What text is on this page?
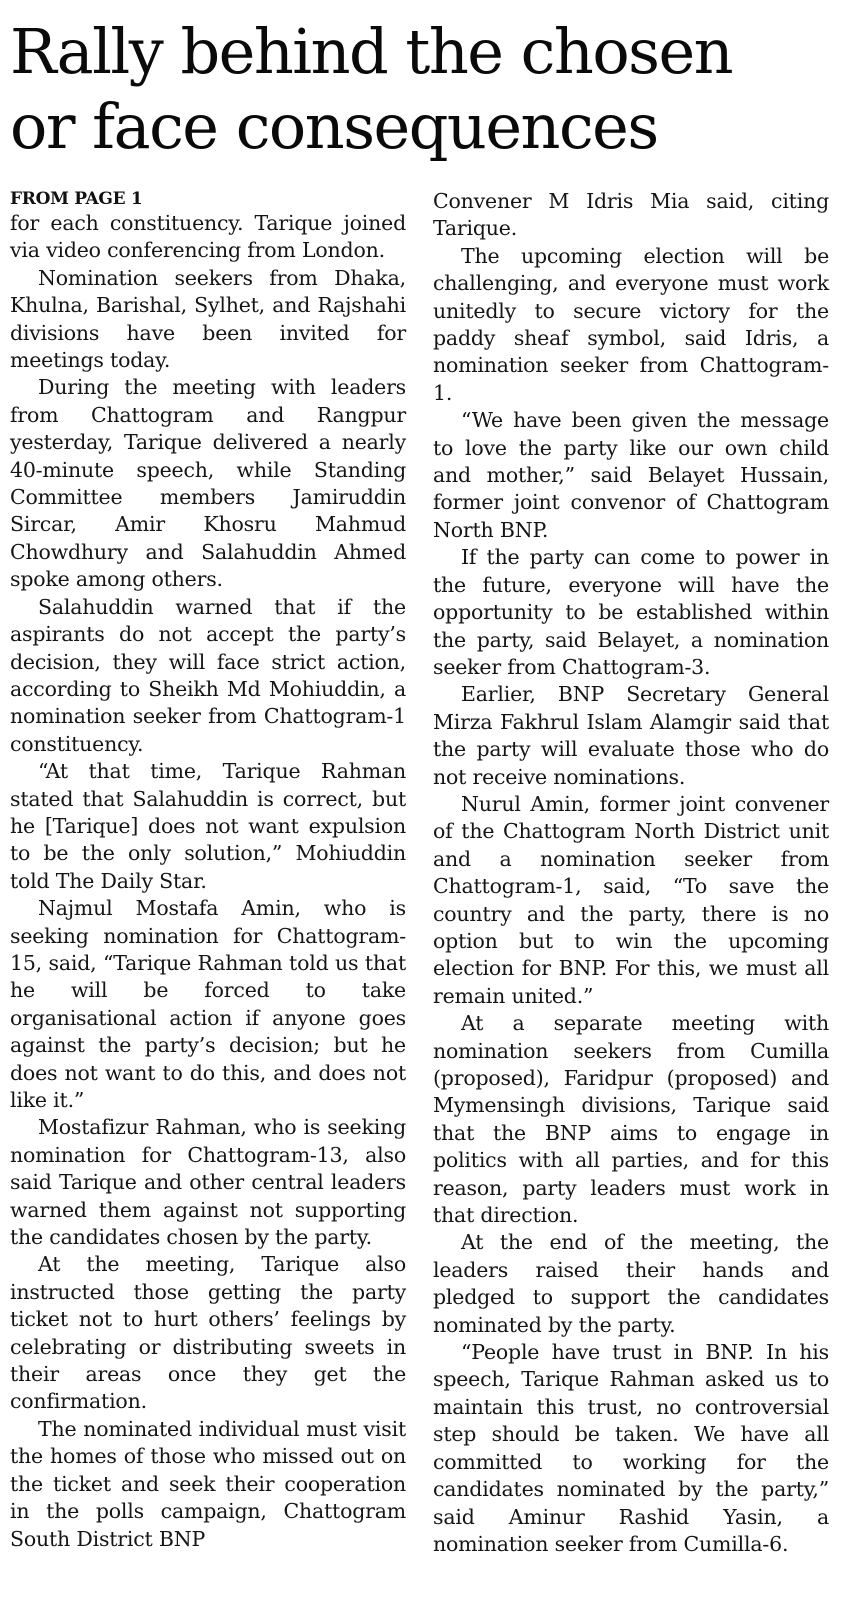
Rally behind the chosen
or face consequences
FROM PAGE 1

for each constituency. Tarique joined via video conferencing from London.

Nomination seekers from Dhaka, Khulna, Barishal, Sylhet, and Rajshahi divisions have been invited for meetings today.

During the meeting with leaders from Chattogram and Rangpur yesterday, Tarique delivered a nearly 40-minute speech, while Standing Committee members Jamiruddin Sircar, Amir Khosru Mahmud Chowdhury and Salahuddin Ahmed spoke among others.

Salahuddin warned that if the aspirants do not accept the party’s decision, they will face strict action, according to Sheikh Md Mohiuddin, a nomination seeker from Chattogram-1 constituency.

“At that time, Tarique Rahman stated that Salahuddin is correct, but he [Tarique] does not want expulsion to be the only solution,” Mohiuddin told The Daily Star.

Najmul Mostafa Amin, who is seeking nomination for Chattogram-15, said, “Tarique Rahman told us that he will be forced to take organisational action if anyone goes against the party’s decision; but he does not want to do this, and does not like it.”

Mostafizur Rahman, who is seeking nomination for Chattogram-13, also said Tarique and other central leaders warned them against not supporting the candidates chosen by the party.

At the meeting, Tarique also instructed those getting the party ticket not to hurt others’ feelings by celebrating or distributing sweets in their areas once they get the confirmation.

The nominated individual must visit the homes of those who missed out on the ticket and seek their cooperation in the polls campaign, Chattogram South District BNP

Convener M Idris Mia said, citing Tarique.

The upcoming election will be challenging, and everyone must work unitedly to secure victory for the paddy sheaf symbol, said Idris, a nomination seeker from Chattogram-1.

“We have been given the message to love the party like our own child and mother,” said Belayet Hussain, former joint convenor of Chattogram North BNP.

If the party can come to power in the future, everyone will have the opportunity to be established within the party, said Belayet, a nomination seeker from Chattogram-3.

Earlier, BNP Secretary General Mirza Fakhrul Islam Alamgir said that the party will evaluate those who do not receive nominations.

Nurul Amin, former joint convener of the Chattogram North District unit and a nomination seeker from Chattogram-1, said, “To save the country and the party, there is no option but to win the upcoming election for BNP. For this, we must all remain united.”

At a separate meeting with nomination seekers from Cumilla (proposed), Faridpur (proposed) and Mymensingh divisions, Tarique said that the BNP aims to engage in politics with all parties, and for this reason, party leaders must work in that direction.

At the end of the meeting, the leaders raised their hands and pledged to support the candidates nominated by the party.

“People have trust in BNP. In his speech, Tarique Rahman asked us to maintain this trust, no controversial step should be taken. We have all committed to working for the candidates nominated by the party,” said Aminur Rashid Yasin, a nomination seeker from Cumilla-6.
